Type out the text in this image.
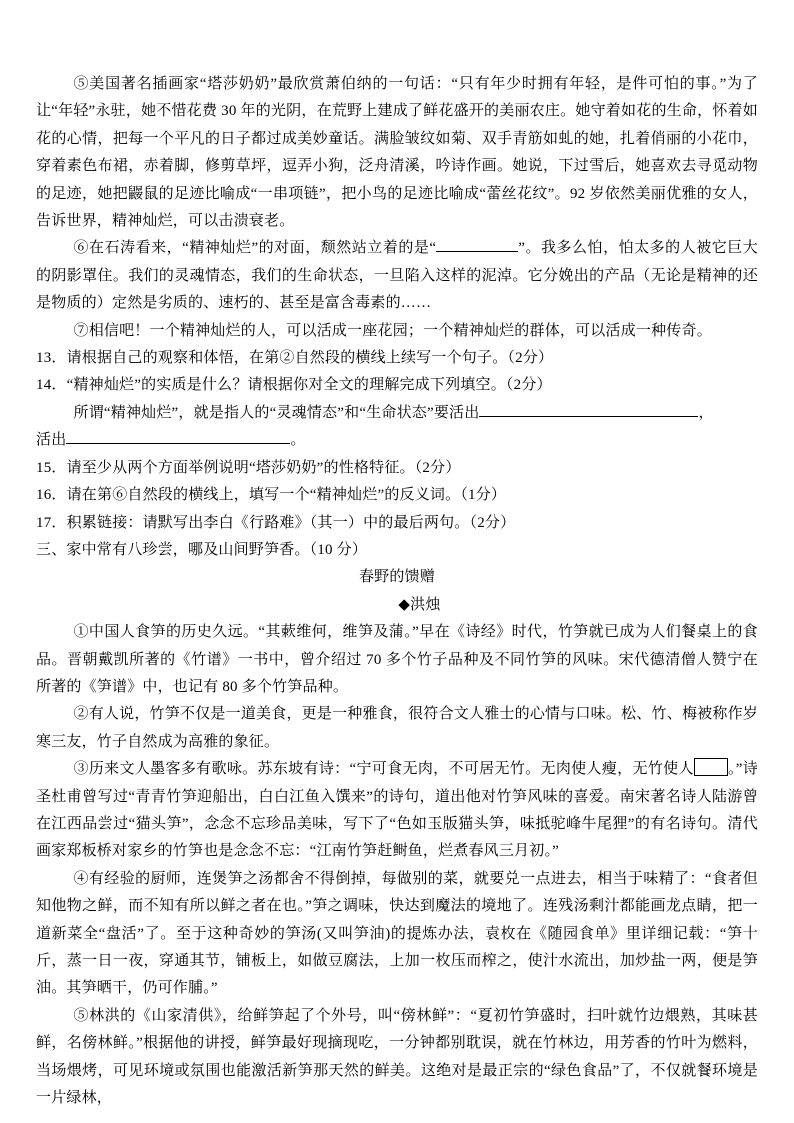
⑤美国著名插画家“塔莎奶奶”最欣赏萧伯纳的一句话：“只有年少时拥有年轻，是件可怕的事。”为了让“年轻”永驻，她不惜花费 30 年的光阴，在荒野上建成了鲜花盛开的美丽农庄。她守着如花的生命，怀着如花的心情，把每一个平凡的日子都过成美妙童话。满脸皱纹如菊、双手青筋如虬的她，扎着俏丽的小花巾，穿着素色布裙，赤着脚，修剪草坪，逗弄小狗，泛舟清溪，吟诗作画。她说，下过雪后，她喜欢去寻觅动物的足迹，她把鼹鼠的足迹比喻成“一串项链”，把小鸟的足迹比喻成“蕾丝花纹”。92 岁依然美丽优雅的女人，告诉世界，精神灿烂，可以击溃衰老。

⑥在石涛看来，“精神灿烂”的对面，颓然站立着的是“	”。我多么怕，怕太多的人被它巨大的阴影罩住。我们的灵魂情态，我们的生命状态，一旦陷入这样的泥淖。它分娩出的产品（无论是精神的还是物质的）定然是劣质的、速朽的、甚至是富含毒素的……

⑦相信吧！一个精神灿烂的人，可以活成一座花园；一个精神灿烂的群体，可以活成一种传奇。

13．请根据自己的观察和体悟，在第②自然段的横线上续写一个句子。（2分）

14．“精神灿烂”的实质是什么？请根据你对全文的理解完成下列填空。（2分）

所谓“精神灿烂”，就是指人的“灵魂情态”和“生命状态”要活出	，

活出	。

15．请至少从两个方面举例说明“塔莎奶奶”的性格特征。（2分）

16．请在第⑥自然段的横线上，填写一个“精神灿烂”的反义词。（1分）

17．积累链接：请默写出李白《行路难》（其一）中的最后两句。（2分）

三、家中常有八珍尝，哪及山间野笋香。（10 分）

春野的馈赠

◆洪烛

①中国人食笋的历史久远。“其蔌维何，维笋及蒲。”早在《诗经》时代，竹笋就已成为人们餐桌上的食品。晋朝戴凯所著的《竹谱》一书中，曾介绍过 70 多个竹子品种及不同竹笋的风味。宋代德清僧人赞宁在所著的《笋谱》中，也记有 80 多个竹笋品种。

②有人说，竹笋不仅是一道美食，更是一种雅食，很符合文人雅士的心情与口味。松、竹、梅被称作岁寒三友，竹子自然成为高雅的象征。

③历来文人墨客多有歌咏。苏东坡有诗：“宁可食无肉，不可居无竹。无肉使人瘦，无竹使人 。”诗圣杜甫曾写过“青青竹笋迎船出，白白江鱼入馔来”的诗句，道出他对竹笋风味的喜爱。南宋著名诗人陆游曾在江西品尝过“猫头笋”，念念不忘珍品美味，写下了“色如玉版猫头笋，味抵驼峰牛尾狸”的有名诗句。清代画家郑板桥对家乡的竹笋也是念念不忘：“江南竹笋赶鲥鱼，烂煮春风三月初。”

④有经验的厨师，连煲笋之汤都舍不得倒掉，每做别的菜，就要兑一点进去，相当于味精了：“食者但知他物之鲜，而不知有所以鲜之者在也。”笋之调味，快达到魔法的境地了。连残汤剩汁都能画龙点睛，把一道新菜全“盘活”了。至于这种奇妙的笋汤(又叫笋油)的提炼办法，袁枚在《随园食单》里详细记载：“笋十斤，蒸一日一夜，穿通其节，铺板上，如做豆腐法，上加一枚压而榨之，使汁水流出，加炒盐一两，便是笋油。其笋晒干，仍可作脯。”

⑤林洪的《山家清供》，给鲜笋起了个外号，叫“傍林鲜”：“夏初竹笋盛时，扫叶就竹边煨熟，其味甚鲜，名傍林鲜。”根据他的讲授，鲜笋最好现摘现吃，一分钟都别耽误，就在竹林边，用芳香的竹叶为燃料，当场煨烤，可见环境或氛围也能激活新笋那天然的鲜美。这绝对是最正宗的“绿色食品”了，不仅就餐环境是一片绿林，
